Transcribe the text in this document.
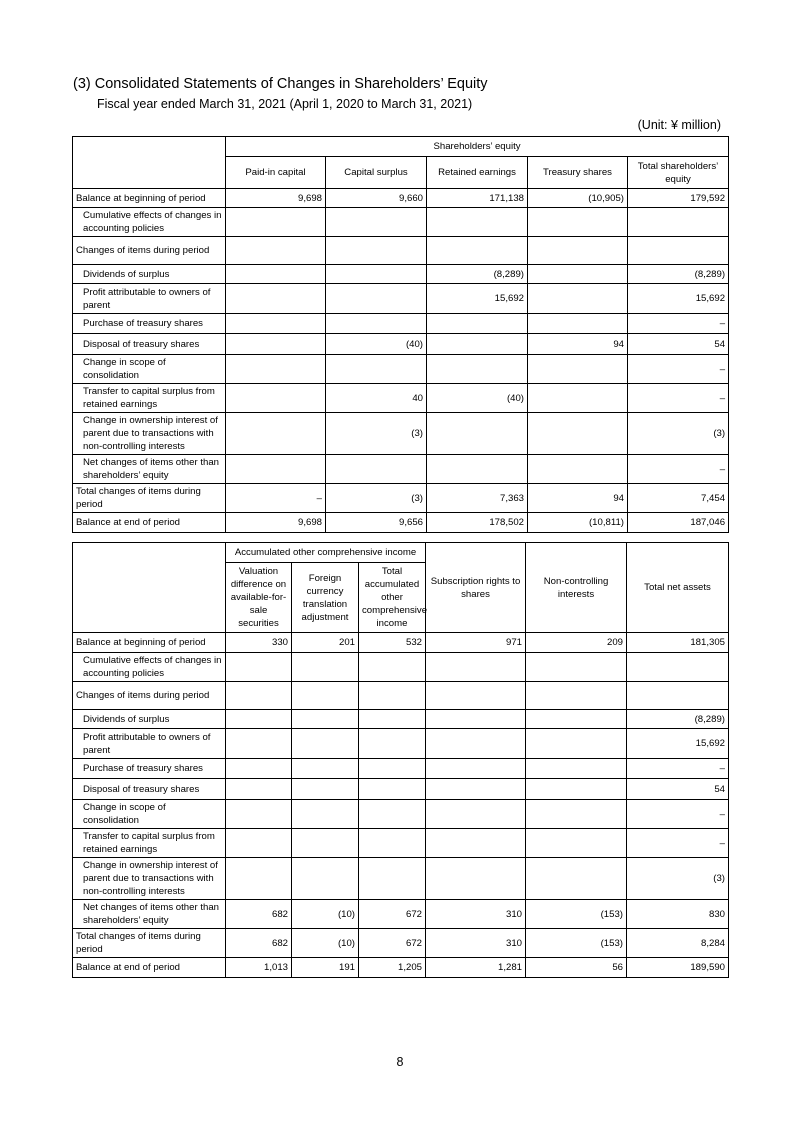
(3) Consolidated Statements of Changes in Shareholders’ Equity
Fiscal year ended March 31, 2021 (April 1, 2020 to March 31, 2021)
(Unit: ¥ million)
	Shareholders’ equity				
	Paid-in capital	Capital surplus	Retained earnings	Treasury shares	Total shareholders’ equity
Balance at beginning of period	9,698	9,660	171,138	(10,905)	179,592
Cumulative effects of changes in accounting policies					
Changes of items during period					
Dividends of surplus			(8,289)		(8,289)
Profit attributable to owners of parent			15,692		15,692
Purchase of treasury shares					–
Disposal of treasury shares		(40)		94	54
Change in scope of consolidation					–
Transfer to capital surplus from retained earnings		40	(40)		–
Change in ownership interest of parent due to transactions with non-controlling interests		(3)			(3)
Net changes of items other than shareholders’ equity					–
Total changes of items during period	–	(3)	7,363	94	7,454
Balance at end of period	9,698	9,656	178,502	(10,811)	187,046
	Accumulated other comprehensive income			Subscription rights to shares	Non-controlling interests	Total net assets
	Valuation difference on available-for-sale securities	Foreign currency translation adjustment	Total accumulated other comprehensive income			
Balance at beginning of period	330	201	532	971	209	181,305
Cumulative effects of changes in accounting policies						
Changes of items during period						
Dividends of surplus						(8,289)
Profit attributable to owners of parent						15,692
Purchase of treasury shares						–
Disposal of treasury shares						54
Change in scope of consolidation						–
Transfer to capital surplus from retained earnings						–
Change in ownership interest of parent due to transactions with non-controlling interests						(3)
Net changes of items other than shareholders’ equity	682	(10)	672	310	(153)	830
Total changes of items during period	682	(10)	672	310	(153)	8,284
Balance at end of period	1,013	191	1,205	1,281	56	189,590
8
